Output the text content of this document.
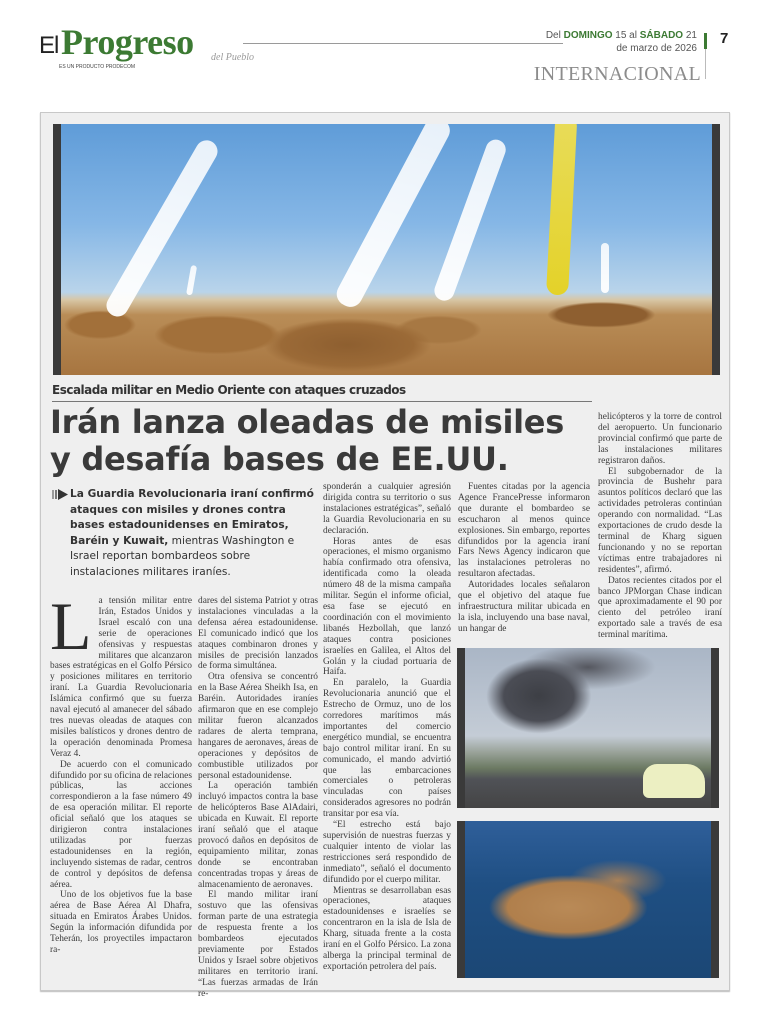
El Progreso
ES UN PRODUCTO PRODECOM
del Pueblo
Del DOMINGO 15 al SÁBADO 21
de marzo de 2026
7
INTERNACIONAL
Escalada militar en Medio Oriente con ataques cruzados
Irán lanza oleadas de misiles
y desafía bases de EE.UU.
La Guardia Revolucionaria iraní confirmó ataques con misiles y drones contra bases estadounidenses en Emiratos, Baréin y Kuwait, mientras Washington e Israel reportan bombardeos sobre instalaciones militares iraníes.

La tensión militar entre Irán, Estados Unidos y Israel escaló con una serie de operaciones ofensivas y respuestas militares que alcanzaron bases estratégicas en el Golfo Pérsico y posiciones militares en territorio iraní. La Guardia Revolucionaria Islámica confirmó que su fuerza naval ejecutó al amanecer del sábado tres nuevas oleadas de ataques con misiles balísticos y drones dentro de la operación denominada Promesa Veraz 4.

De acuerdo con el comunicado difundido por su oficina de relaciones públicas, las acciones correspondieron a la fase número 49 de esa operación militar. El reporte oficial señaló que los ataques se dirigieron contra instalaciones utilizadas por fuerzas estadounidenses en la región, incluyendo sistemas de radar, centros de control y depósitos de defensa aérea.

Uno de los objetivos fue la base aérea de Base Aérea Al Dhafra, situada en Emiratos Árabes Unidos. Según la información difundida por Teherán, los proyectiles impactaron ra-

dares del sistema Patriot y otras instalaciones vinculadas a la defensa aérea estadounidense. El comunicado indicó que los ataques combinaron drones y misiles de precisión lanzados de forma simultánea.

Otra ofensiva se concentró en la Base Aérea Sheikh Isa, en Baréin. Autoridades iraníes afirmaron que en ese complejo militar fueron alcanzados radares de alerta temprana, hangares de aeronaves, áreas de operaciones y depósitos de combustible utilizados por personal estadounidense.

La operación también incluyó impactos contra la base de helicópteros Base AlAdairi, ubicada en Kuwait. El reporte iraní señaló que el ataque provocó daños en depósitos de equipamiento militar, zonas donde se encontraban concentradas tropas y áreas de almacenamiento de aeronaves.

El mando militar iraní sostuvo que las ofensivas forman parte de una estrategia de respuesta frente a los bombardeos ejecutados previamente por Estados Unidos y Israel sobre objetivos militares en territorio iraní. “Las fuerzas armadas de Irán re-

sponderán a cualquier agresión dirigida contra su territorio o sus instalaciones estratégicas”, señaló la Guardia Revolucionaria en su declaración.

Horas antes de esas operaciones, el mismo organismo había confirmado otra ofensiva, identificada como la oleada número 48 de la misma campaña militar. Según el informe oficial, esa fase se ejecutó en coordinación con el movimiento libanés Hezbollah, que lanzó ataques contra posiciones israelíes en Galilea, el Altos del Golán y la ciudad portuaria de Haifa.

En paralelo, la Guardia Revolucionaria anunció que el Estrecho de Ormuz, uno de los corredores marítimos más importantes del comercio energético mundial, se encuentra bajo control militar iraní. En su comunicado, el mando advirtió que las embarcaciones comerciales o petroleras vinculadas con países considerados agresores no podrán transitar por esa vía.

“El estrecho está bajo supervisión de nuestras fuerzas y cualquier intento de violar las restricciones será respondido de inmediato”, señaló el documento difundido por el cuerpo militar.

Mientras se desarrollaban esas operaciones, ataques estadounidenses e israelíes se concentraron en la isla de Isla de Kharg, situada frente a la costa iraní en el Golfo Pérsico. La zona alberga la principal terminal de exportación petrolera del país.

Fuentes citadas por la agencia Agence FrancePresse informaron que durante el bombardeo se escucharon al menos quince explosiones. Sin embargo, reportes difundidos por la agencia iraní Fars News Agency indicaron que las instalaciones petroleras no resultaron afectadas.

Autoridades locales señalaron que el objetivo del ataque fue infraestructura militar ubicada en la isla, incluyendo una base naval, un hangar de

helicópteros y la torre de control del aeropuerto. Un funcionario provincial confirmó que parte de las instalaciones militares registraron daños.

El subgobernador de la provincia de Bushehr para asuntos políticos declaró que las actividades petroleras continúan operando con normalidad. “Las exportaciones de crudo desde la terminal de Kharg siguen funcionando y no se reportan víctimas entre trabajadores ni residentes”, afirmó.

Datos recientes citados por el banco JPMorgan Chase indican que aproximadamente el 90 por ciento del petróleo iraní exportado sale a través de esa terminal marítima.
